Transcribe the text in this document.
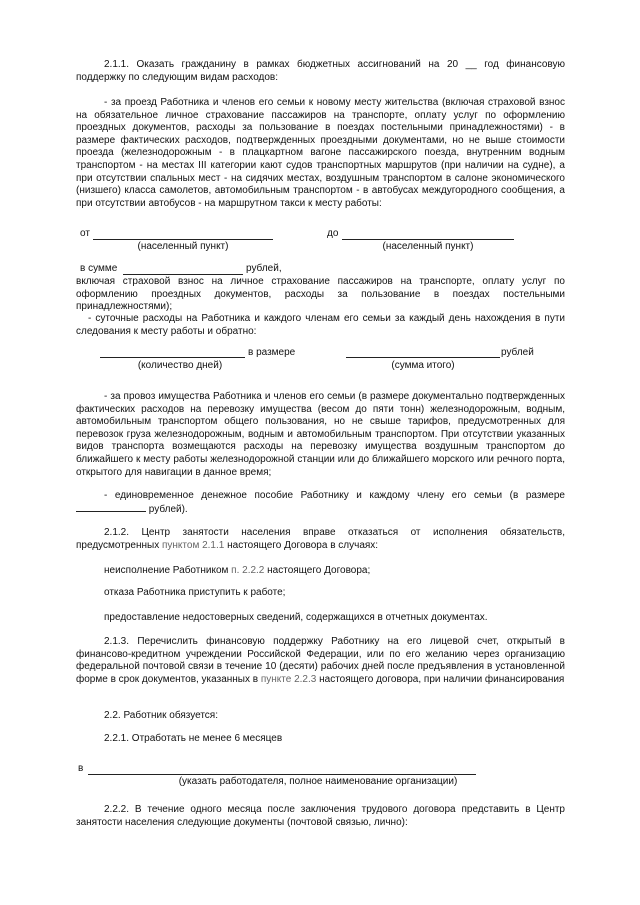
2.1.1. Оказать гражданину в рамках бюджетных ассигнований на 20 __ год финансовую поддержку по следующим видам расходов:

- за проезд Работника и членов его семьи к новому месту жительства (включая страховой взнос на обязательное личное страхование пассажиров на транспорте, оплату услуг по оформлению проездных документов, расходы за пользование в поездах постельными принадлежностями) - в размере фактических расходов, подтвержденных проездными документами, но не выше стоимости проезда (железнодорожным - в плацкартном вагоне пассажирского поезда, внутренним водным транспортом - на местах III категории кают судов транспортных маршрутов (при наличии на судне), а при отсутствии спальных мест - на сидячих местах, воздушным транспортом в салоне экономического (низшего) класса самолетов, автомобильным транспортом - в автобусах междугородного сообщения, а при отсутствии автобусов - на маршрутном такси к месту работы:

от
(населенный пункт)
до
(населенный пункт)
в сумме	рублей,

включая страховой взнос на личное страхование пассажиров на транспорте, оплату услуг по оформлению проездных документов, расходы за пользование в поездах постельными принадлежностями);

- суточные расходы на Работника и каждого членам его семьи за каждый день нахождения в пути следования к месту работы и обратно:

в размере
(количество дней)
рублей
(сумма итого)

- за провоз имущества Работника и членов его семьи (в размере документально подтвержденных фактических расходов на перевозку имущества (весом до пяти тонн) железнодорожным, водным, автомобильным транспортом общего пользования, но не свыше тарифов, предусмотренных для перевозок груза железнодорожным, водным и автомобильным транспортом. При отсутствии указанных видов транспорта возмещаются расходы на перевозку имущества воздушным транспортом до ближайшего к месту работы железнодорожной станции или до ближайшего морского или речного порта, открытого для навигации в данное время;

- единовременное денежное пособие Работнику и каждому члену его семьи (в размере  рублей).

2.1.2. Центр занятости населения вправе отказаться от исполнения обязательств, предусмотренных пунктом 2.1.1 настоящего Договора в случаях:

неисполнение Работником п. 2.2.2 настоящего Договора;

отказа Работника приступить к работе;

предоставление недостоверных сведений, содержащихся в отчетных документах.

2.1.3. Перечислить финансовую поддержку Работнику на его лицевой счет, открытый в финансово-кредитном учреждении Российской Федерации, или по его желанию через организацию федеральной почтовой связи в течение 10 (десяти) рабочих дней после предъявления в установленной форме в срок документов, указанных в пункте 2.2.3 настоящего договора, при наличии финансирования

2.2. Работник обязуется:

2.2.1. Отработать не менее 6 месяцев

в
(указать работодателя, полное наименование организации)

2.2.2. В течение одного месяца после заключения трудового договора представить в Центр занятости населения следующие документы (почтовой связью, лично):
